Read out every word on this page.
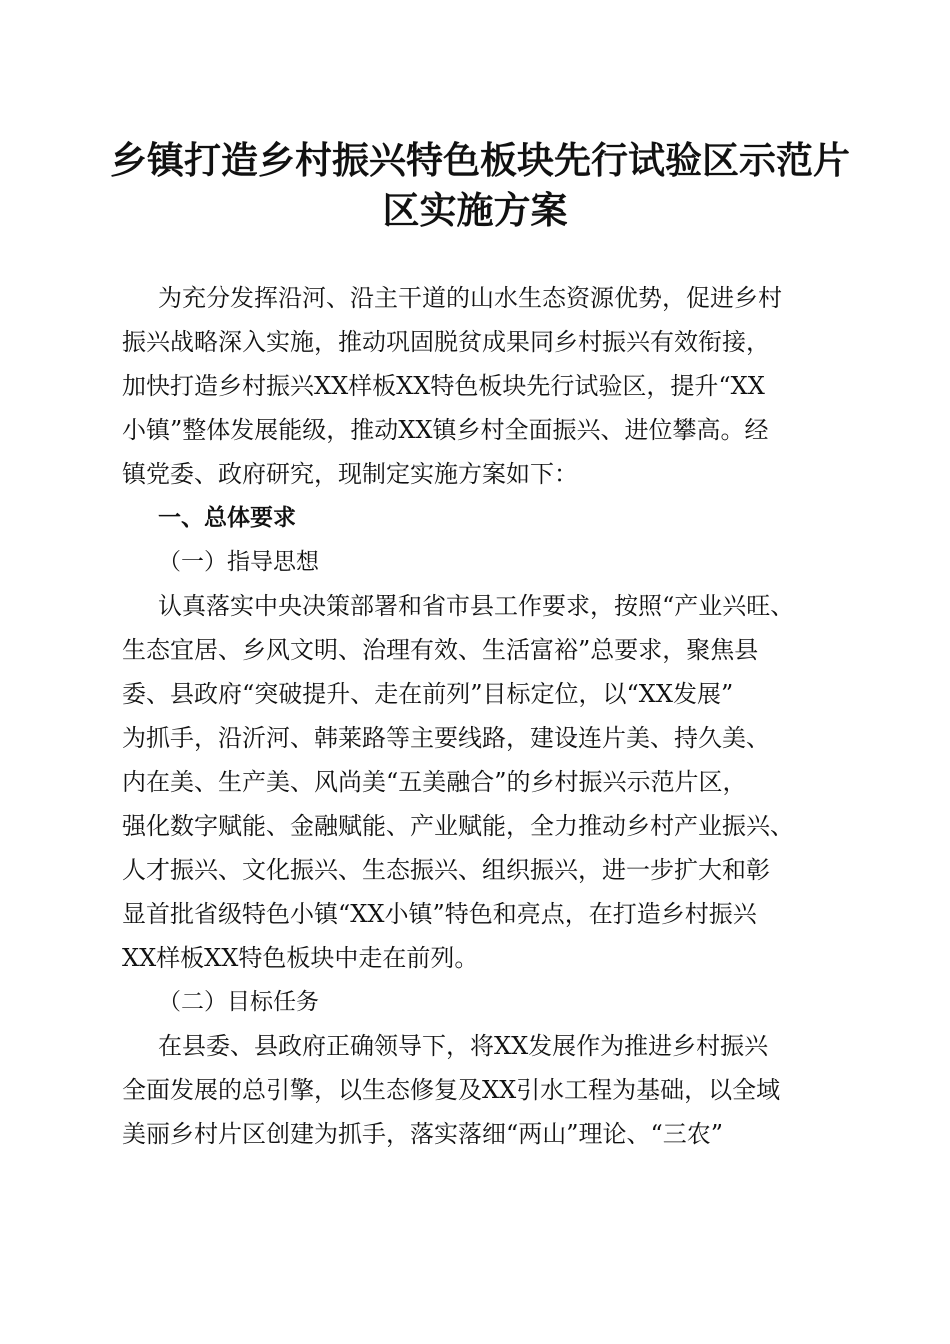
乡镇打造乡村振兴特色板块先行试验区示范片
区实施方案
为充分发挥沿河、沿主干道的山水生态资源优势，促进乡村
振兴战略深入实施，推动巩固脱贫成果同乡村振兴有效衔接，
加快打造乡村振兴XX样板XX特色板块先行试验区，提升“XX
小镇”整体发展能级，推动XX镇乡村全面振兴、进位攀高。经
镇党委、政府研究，现制定实施方案如下：
一、总体要求
（一）指导思想
认真落实中央决策部署和省市县工作要求，按照“产业兴旺、
生态宜居、乡风文明、治理有效、生活富裕”总要求，聚焦县
委、县政府“突破提升、走在前列”目标定位，以“XX发展”
为抓手，沿沂河、韩莱路等主要线路，建设连片美、持久美、
内在美、生产美、风尚美“五美融合”的乡村振兴示范片区，
强化数字赋能、金融赋能、产业赋能，全力推动乡村产业振兴、
人才振兴、文化振兴、生态振兴、组织振兴，进一步扩大和彰
显首批省级特色小镇“XX小镇”特色和亮点，在打造乡村振兴
XX样板XX特色板块中走在前列。
（二）目标任务
在县委、县政府正确领导下，将XX发展作为推进乡村振兴
全面发展的总引擎，以生态修复及XX引水工程为基础，以全域
美丽乡村片区创建为抓手，落实落细“两山”理论、“三农”
